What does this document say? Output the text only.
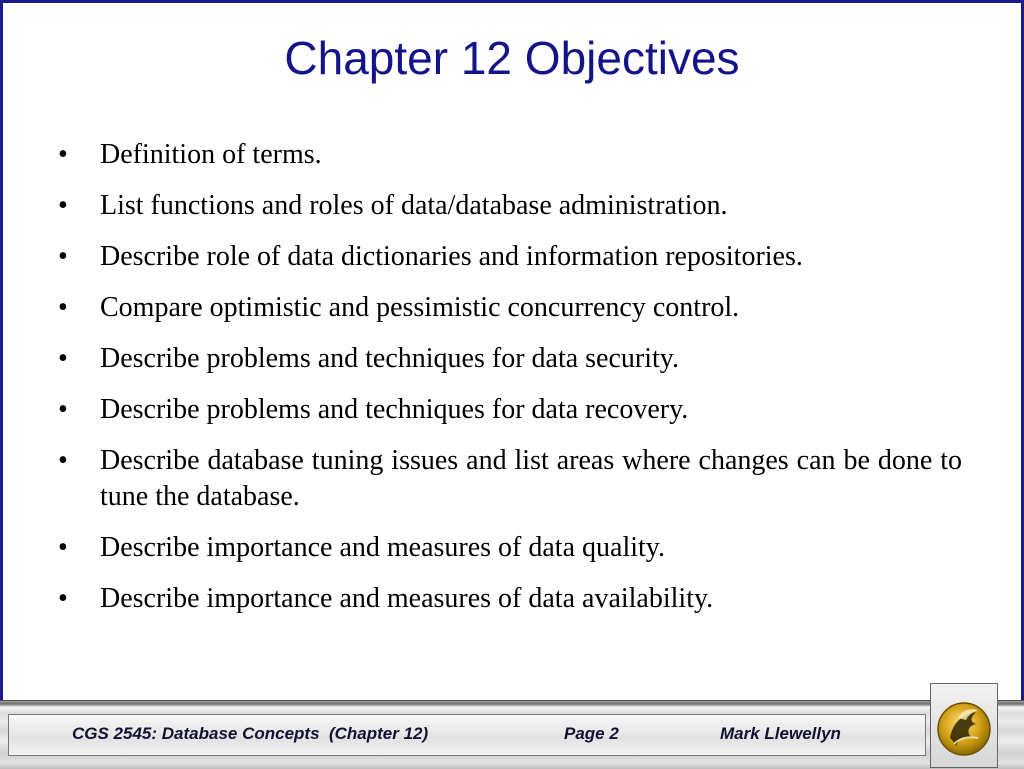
Chapter 12 Objectives
•	Definition of terms.
•	List functions and roles of data/database administration.
•	Describe role of data dictionaries and information repositories.
•	Compare optimistic and pessimistic concurrency control.
•	Describe problems and techniques for data security.
•	Describe problems and techniques for data recovery.
•	Describe database tuning issues and list areas where changes can be done to tune the database.
•	Describe importance and measures of data quality.
•	Describe importance and measures of data availability.
CGS 2545: Database Concepts  (Chapter 12)	Page 2	Mark Llewellyn
